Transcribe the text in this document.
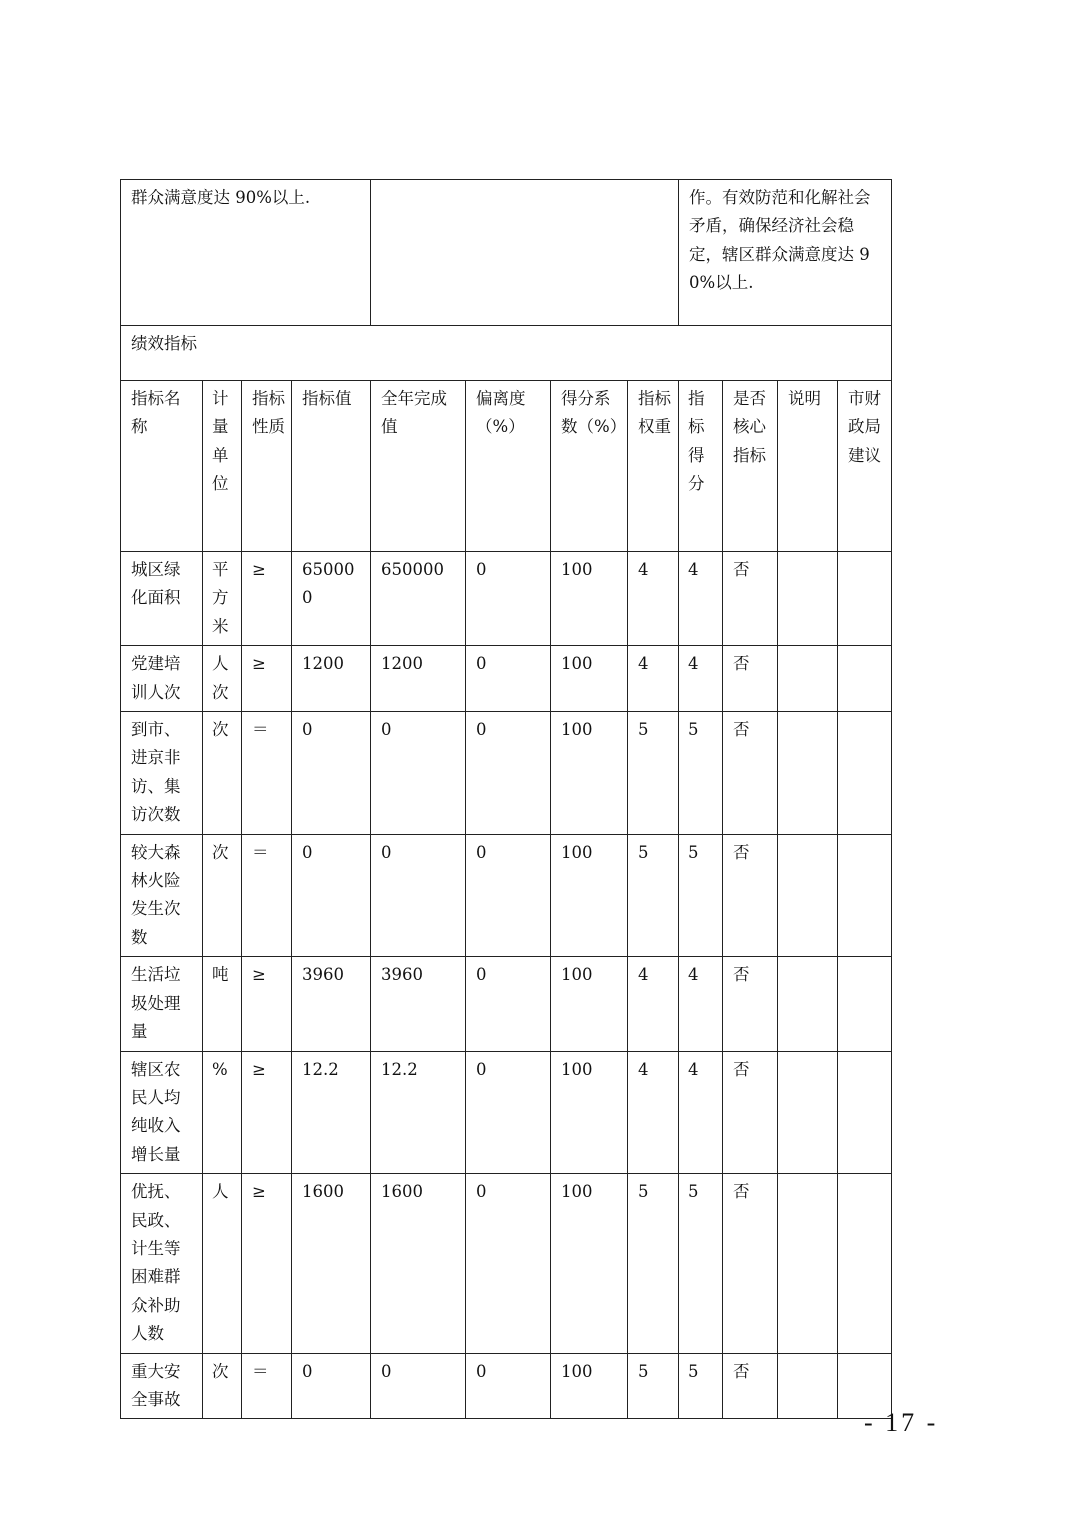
群众满意度达 90%以上.								作。有效防范和化解社会矛盾，确保经济社会稳定，辖区群众满意度达 90%以上.			
绩效指标											
指标名称	计量单位	指标性质	指标值	全年完成值	偏离度（%）	得分系数（%）	指标权重	指标得分	是否核心指标	说明	市财政局建议
城区绿化面积	平方米	≥	650000	650000	0	100	4	4	否		
党建培训人次	人次	≥	1200	1200	0	100	4	4	否		
到市、进京非访、集访次数	次	＝	0	0	0	100	5	5	否		
较大森林火险发生次数	次	＝	0	0	0	100	5	5	否		
生活垃圾处理量	吨	≥	3960	3960	0	100	4	4	否		
辖区农民人均纯收入增长量	%	≥	12.2	12.2	0	100	4	4	否		
优抚、民政、计生等困难群众补助人数	人	≥	1600	1600	0	100	5	5	否		
重大安全事故	次	＝	0	0	0	100	5	5	否		
- 17 -
